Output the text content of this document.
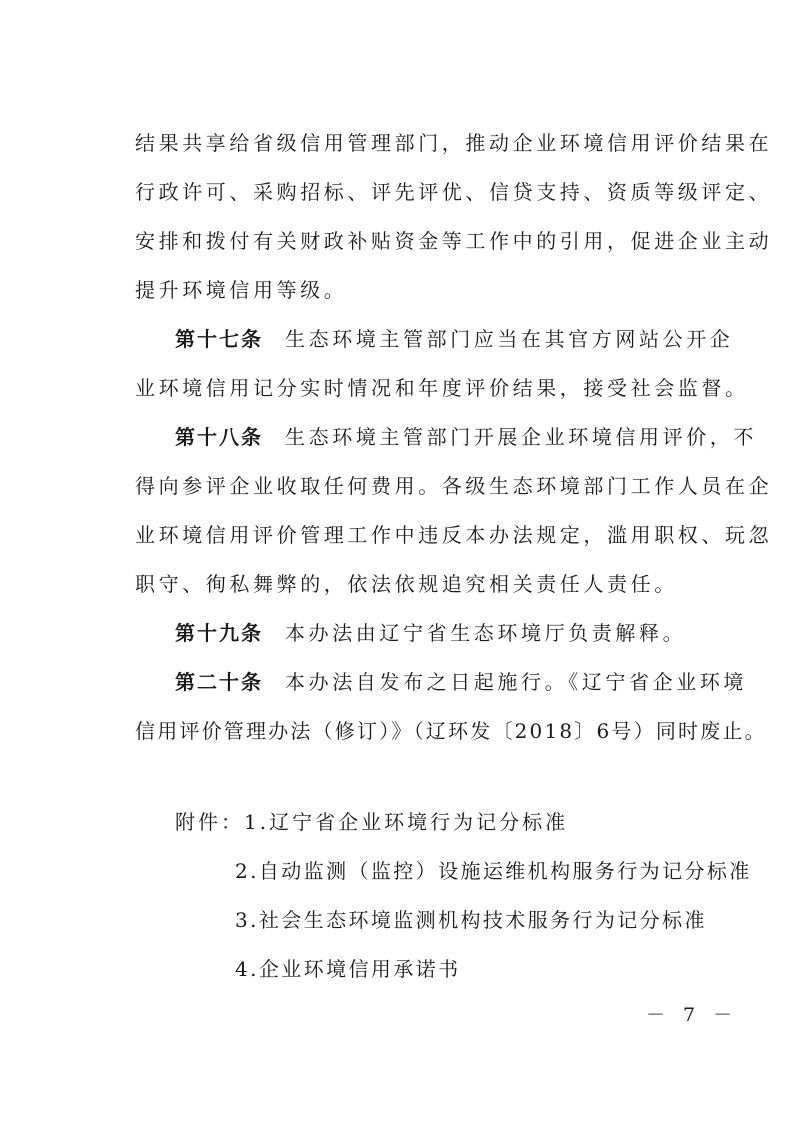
结果共享给省级信用管理部门，推动企业环境信用评价结果在
行政许可、采购招标、评先评优、信贷支持、资质等级评定、
安排和拨付有关财政补贴资金等工作中的引用，促进企业主动
提升环境信用等级。
第十七条 生态环境主管部门应当在其官方网站公开企
业环境信用记分实时情况和年度评价结果，接受社会监督。
第十八条 生态环境主管部门开展企业环境信用评价，不
得向参评企业收取任何费用。各级生态环境部门工作人员在企
业环境信用评价管理工作中违反本办法规定，滥用职权、玩忽
职守、徇私舞弊的，依法依规追究相关责任人责任。
第十九条 本办法由辽宁省生态环境厅负责解释。
第二十条 本办法自发布之日起施行。《辽宁省企业环境
信用评价管理办法（修订）》（辽环发〔2018〕6号）同时废止。
附件：1.辽宁省企业环境行为记分标准
2.自动监测（监控）设施运维机构服务行为记分标准
3.社会生态环境监测机构技术服务行为记分标准
4.企业环境信用承诺书
－ 7 －
